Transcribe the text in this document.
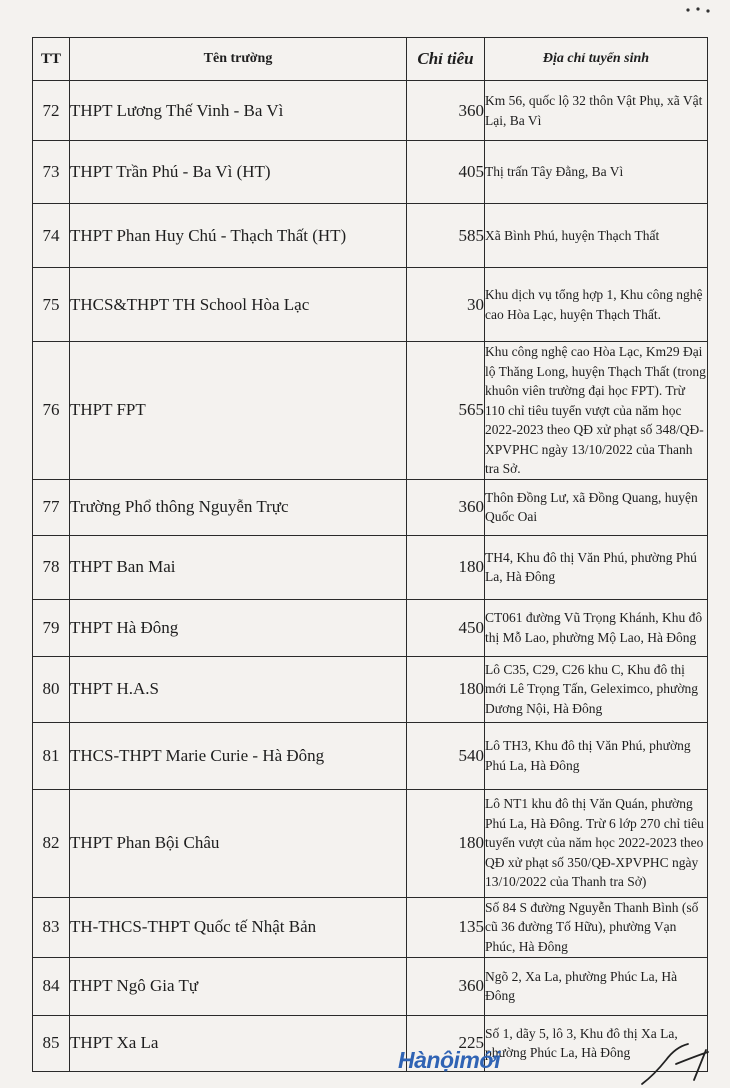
TT	Tên trường	Chỉ tiêu	Địa chỉ tuyển sinh
72	THPT Lương Thế Vinh - Ba Vì	360	Km 56, quốc lộ 32 thôn Vật Phụ, xã Vật Lại, Ba Vì
73	THPT Trần Phú - Ba Vì (HT)	405	Thị trấn Tây Đằng, Ba Vì
74	THPT Phan Huy Chú - Thạch Thất (HT)	585	Xã Bình Phú, huyện Thạch Thất
75	THCS&THPT TH School Hòa Lạc	30	Khu dịch vụ tổng hợp 1, Khu công nghệ cao Hòa Lạc, huyện Thạch Thất.
76	THPT FPT	565	Khu công nghệ cao Hòa Lạc, Km29 Đại lộ Thăng Long, huyện Thạch Thất (trong khuôn viên trường đại học FPT). Trừ 110 chỉ tiêu tuyển vượt của năm học 2022-2023 theo QĐ xử phạt số 348/QĐ-XPVPHC ngày 13/10/2022 của Thanh tra Sở.
77	Trường Phổ thông Nguyễn Trực	360	Thôn Đồng Lư, xã Đồng Quang, huyện Quốc Oai
78	THPT Ban Mai	180	TH4, Khu đô thị Văn Phú, phường Phú La, Hà Đông
79	THPT Hà Đông	450	CT061 đường Vũ Trọng Khánh, Khu đô thị Mỗ Lao, phường Mộ Lao, Hà Đông
80	THPT H.A.S	180	Lô C35, C29, C26 khu C, Khu đô thị mới Lê Trọng Tấn, Geleximco, phường Dương Nội, Hà Đông
81	THCS-THPT Marie Curie - Hà Đông	540	Lô TH3, Khu đô thị Văn Phú, phường Phú La, Hà Đông
82	THPT Phan Bội Châu	180	Lô NT1 khu đô thị Văn Quán, phường Phú La, Hà Đông. Trừ 6 lớp 270 chỉ tiêu tuyển vượt của năm học 2022-2023 theo QĐ xử phạt số 350/QĐ-XPVPHC ngày 13/10/2022 của Thanh tra Sở)
83	TH-THCS-THPT Quốc tế Nhật Bản	135	Số 84 S đường Nguyễn Thanh Bình (số cũ 36 đường Tố Hữu), phường Vạn Phúc, Hà Đông
84	THPT Ngô Gia Tự	360	Ngõ 2, Xa La, phường Phúc La, Hà Đông
85	THPT Xa La	225	Số 1, dãy 5, lô 3, Khu đô thị Xa La, phường Phúc La, Hà Đông
Hànộimới
